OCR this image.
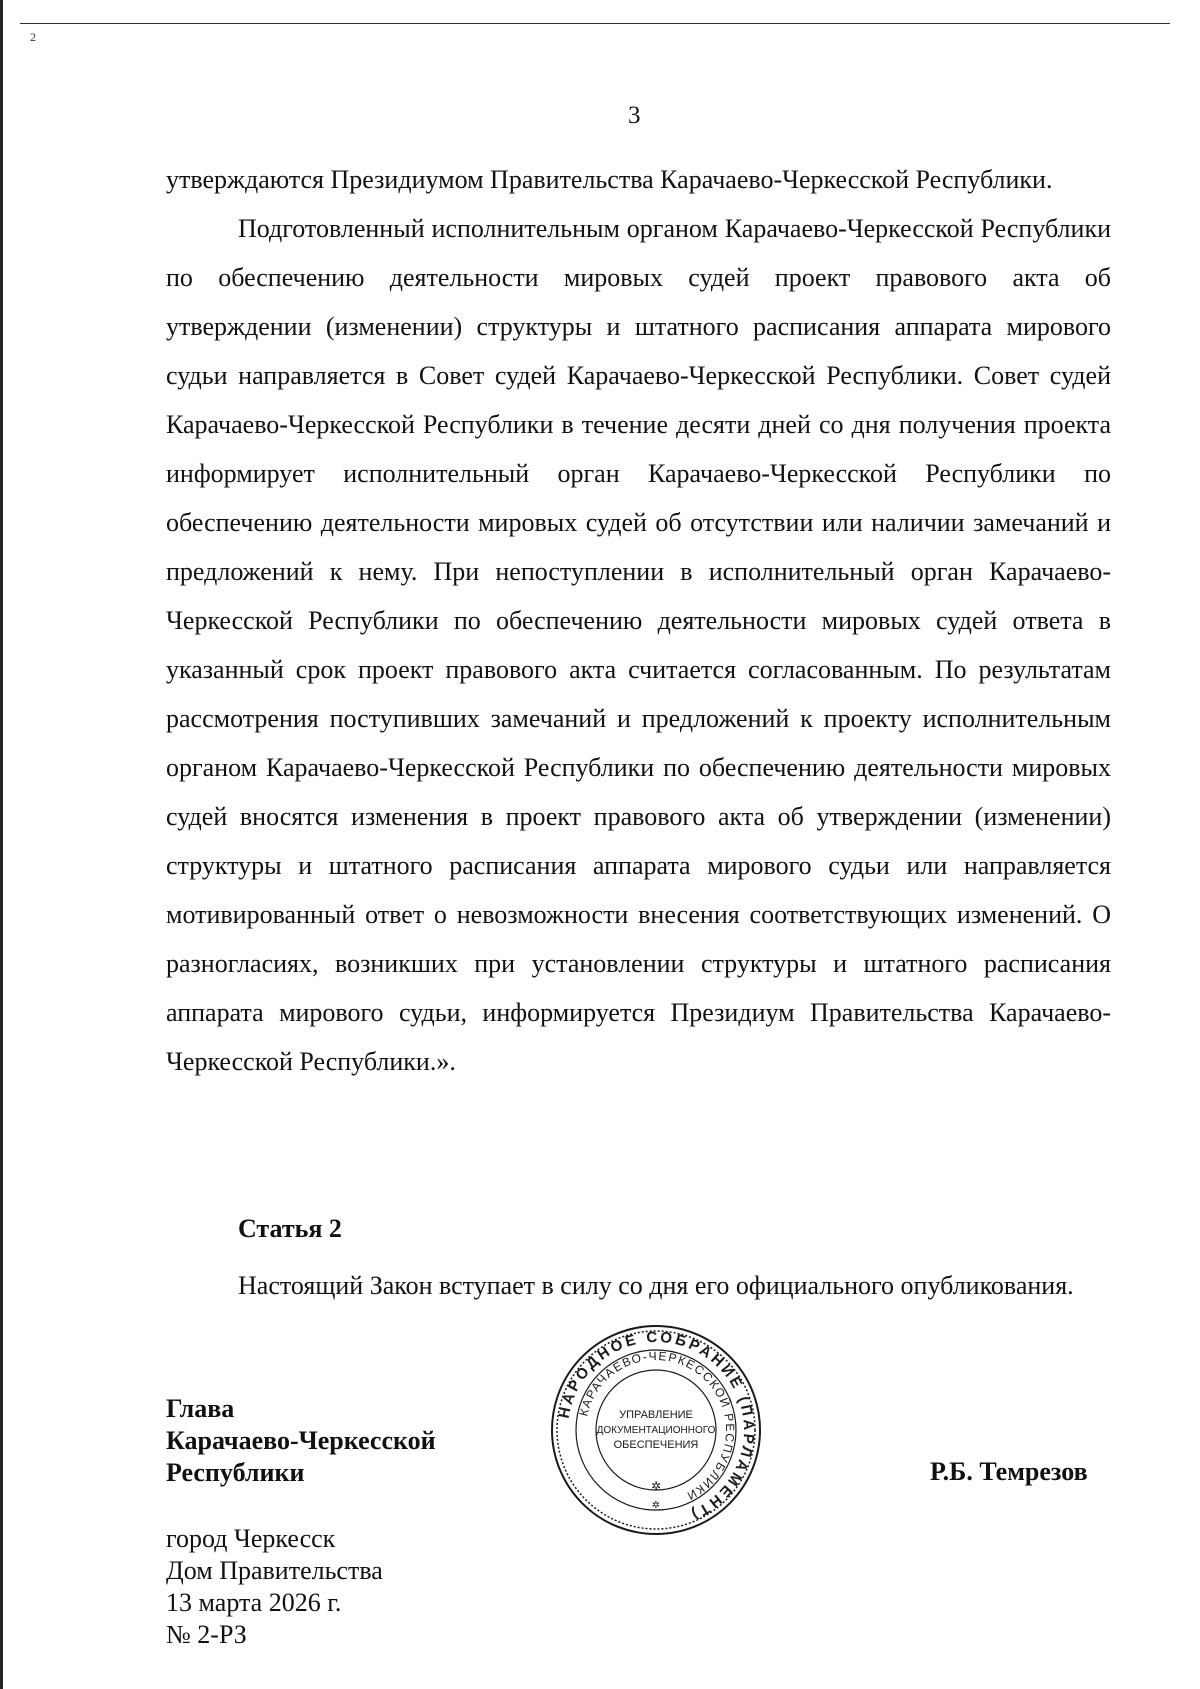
2
3

утверждаются Президиумом Правительства Карачаево-Черкесской Республики.

Подготовленный исполнительным органом Карачаево-Черкесской Республики по обеспечению деятельности мировых судей проект правового акта об утверждении (изменении) структуры и штатного расписания аппарата мирового судьи направляется в Совет судей Карачаево-Черкесской Республики. Совет судей Карачаево-Черкесской Республики в течение десяти дней со дня получения проекта информирует исполнительный орган Карачаево-Черкесской Республики по обеспечению деятельности мировых судей об отсутствии или наличии замечаний и предложений к нему. При непоступлении в исполнительный орган Карачаево-Черкесской Республики по обеспечению деятельности мировых судей ответа в указанный срок проект правового акта считается согласованным. По результатам рассмотрения поступивших замечаний и предложений к проекту исполнительным органом Карачаево-Черкесской Республики по обеспечению деятельности мировых судей вносятся изменения в проект правового акта об утверждении (изменении) структуры и штатного расписания аппарата мирового судьи или направляется мотивированный ответ о невозможности внесения соответствующих изменений. О разногласиях, возникших при установлении структуры и штатного расписания аппарата мирового судьи, информируется Президиум Правительства Карачаево-Черкесской Республики.».

Статья 2

Настоящий Закон вступает в силу со дня его официального опубликования.

Глава
Карачаево-Черкесской
Республики
НАРОДНОЕ СОБРАНИЕ (ПАРЛАМЕНТ)
КАРАЧАЕВО-ЧЕРКЕССКОЙ РЕСПУБЛИКИ
УПРАВЛЕНИЕ
ДОКУМЕНТАЦИОННОГО
ОБЕСПЕЧЕНИЯ
✲
✲
Р.Б. Темрезов
город Черкесск
Дом Правительства
13 марта 2026 г.
№ 2-РЗ
